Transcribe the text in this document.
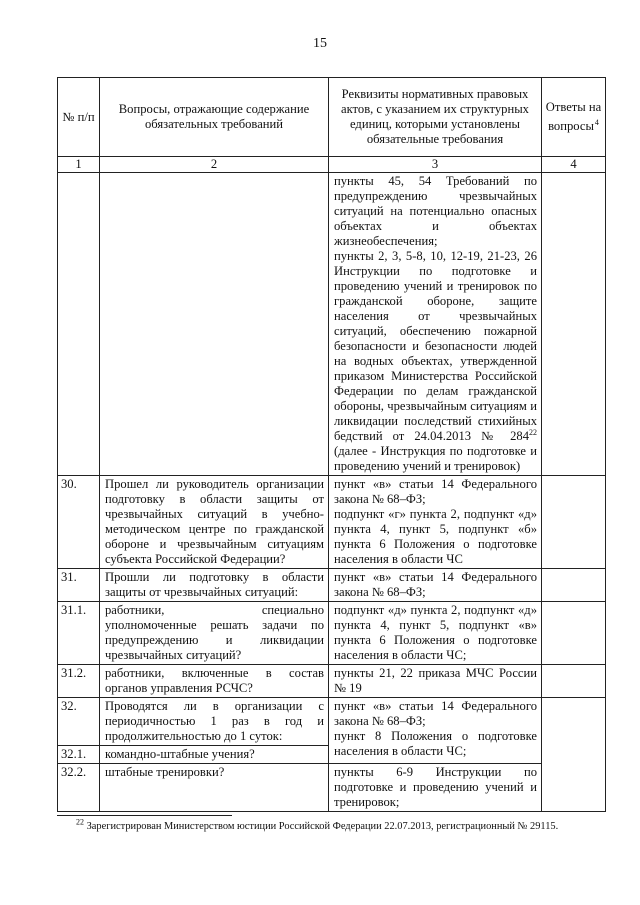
15
№ п/п	Вопросы, отражающие содержание обязательных требований	Реквизиты нормативных правовых актов, с указанием их структурных единиц, которыми установлены обязательные требования	Ответы на вопросы4
1	2	3	4

		пункты 45, 54 Требований по предупреждению чрезвычайных ситуаций на потенциально опасных объектах и объектах жизнеобеспечения;
пункты 2, 3, 5-8, 10, 12-19, 21-23, 26 Инструкции по подготовке и проведению учений и тренировок по гражданской обороне, защите населения от чрезвычайных ситуаций, обеспечению пожарной безопасности и безопасности людей на водных объектах, утвержденной приказом Министерства Российской Федерации по делам гражданской обороны, чрезвычайным ситуациям и ликвидации последствий стихийных бедствий от 24.04.2013 № $284^{22}$ (далее - Инструкция по подготовке и проведению учений и тренировок)	

30.	Прошел ли руководитель организации подготовку в области защиты от чрезвычайных ситуаций в учебно-методическом центре по гражданской обороне и чрезвычайным ситуациям субъекта Российской Федерации?	пункт «в» статьи 14 Федерального закона № 68–ФЗ;
подпункт «г» пункта 2, подпункт «д» пункта 4, пункт 5, подпункт «б» пункта 6 Положения о подготовке населения в области ЧС	

31.	Прошли ли подготовку в области защиты от чрезвычайных ситуаций:	пункт «в» статьи 14 Федерального закона № 68–ФЗ;	
31.1.	работники, специально уполномоченные решать задачи по предупреждению и ликвидации чрезвычайных ситуаций?	подпункт «д» пункта 2, подпункт «д» пункта 4, пункт 5, подпункт «в» пункта 6 Положения о подготовке населения в области ЧС;	
31.2.	работники, включенные в состав органов управления РСЧС?	пункты 21, 22 приказа МЧС России № 19	
32.	Проводятся ли в организации с периодичностью 1 раз в год и продолжительностью до 1 суток:	пункт «в» статьи 14 Федерального закона № 68–ФЗ;
пункт 8 Положения о подготовке населения в области ЧС;	

32.1.	командно-штабные учения?		
32.2.	штабные тренировки?	пункты 6-9 Инструкции по подготовке и проведению учений и тренировок;	
$^{22}$ Зарегистрирован Министерством юстиции Российской Федерации 22.07.2013, регистрационный № 29115.
